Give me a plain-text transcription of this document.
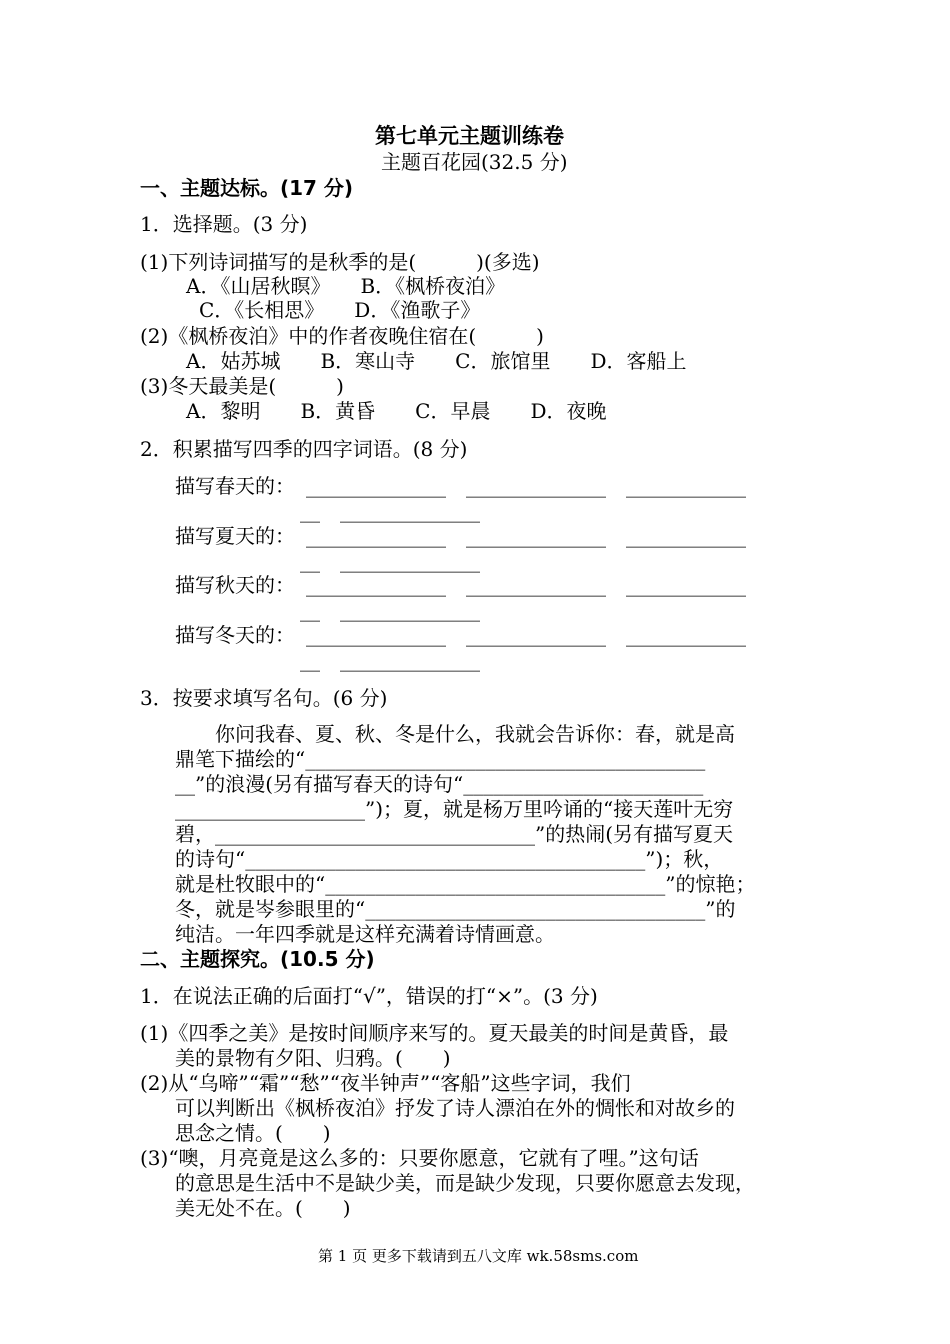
第七单元主题训练卷
主题百花园(32.5 分)
一、主题达标。(17 分)
1．选择题。(3 分)
(1)下列诗词描写的是秋季的是(　　　)(多选)
A．《山居秋暝》　　B．《枫桥夜泊》
C．《长相思》　　D．《渔歌子》
(2)《枫桥夜泊》中的作者夜晚住宿在(　　　)
A．姑苏城　　B．寒山寺　　C．旅馆里　　D．客船上
(3)冬天最美是(　　　)
A．黎明　　B．黄昏　　C．早晨　　D．夜晚
2．积累描写四季的四字词语。(8 分)
描写春天的： ______________　______________　____________
__　______________
描写夏天的： ______________　______________　____________
__　______________
描写秋天的： ______________　______________　____________
__　______________
描写冬天的： ______________　______________　____________
__　______________
3．按要求填写名句。(6 分)
　　你问我春、夏、秋、冬是什么，我就会告诉你：春，就是高
鼎笔下描绘的“________________________________________
__”的浪漫(另有描写春天的诗句“________________________
___________________”)；夏，就是杨万里吟诵的“接天莲叶无穷
碧，________________________________”的热闹(另有描写夏天
的诗句“________________________________________”)；秋，
就是杜牧眼中的“__________________________________”的惊艳；
冬，就是岑参眼里的“__________________________________”的
纯洁。一年四季就是这样充满着诗情画意。
二、主题探究。(10.5 分)
1．在说法正确的后面打“√”，错误的打“×”。(3 分)
(1)《四季之美》是按时间顺序来写的。夏天最美的时间是黄昏，最
美的景物有夕阳、归鸦。(　　)
(2)从“乌啼”“霜”“愁”“夜半钟声”“客船”这些字词，我们
可以判断出《枫桥夜泊》抒发了诗人漂泊在外的惆怅和对故乡的
思念之情。(　　)
(3)“噢，月亮竟是这么多的：只要你愿意，它就有了哩。”这句话
的意思是生活中不是缺少美，而是缺少发现，只要你愿意去发现，
美无处不在。(　　)
第 1 页 更多下载请到五八文库 wk.58sms.com
